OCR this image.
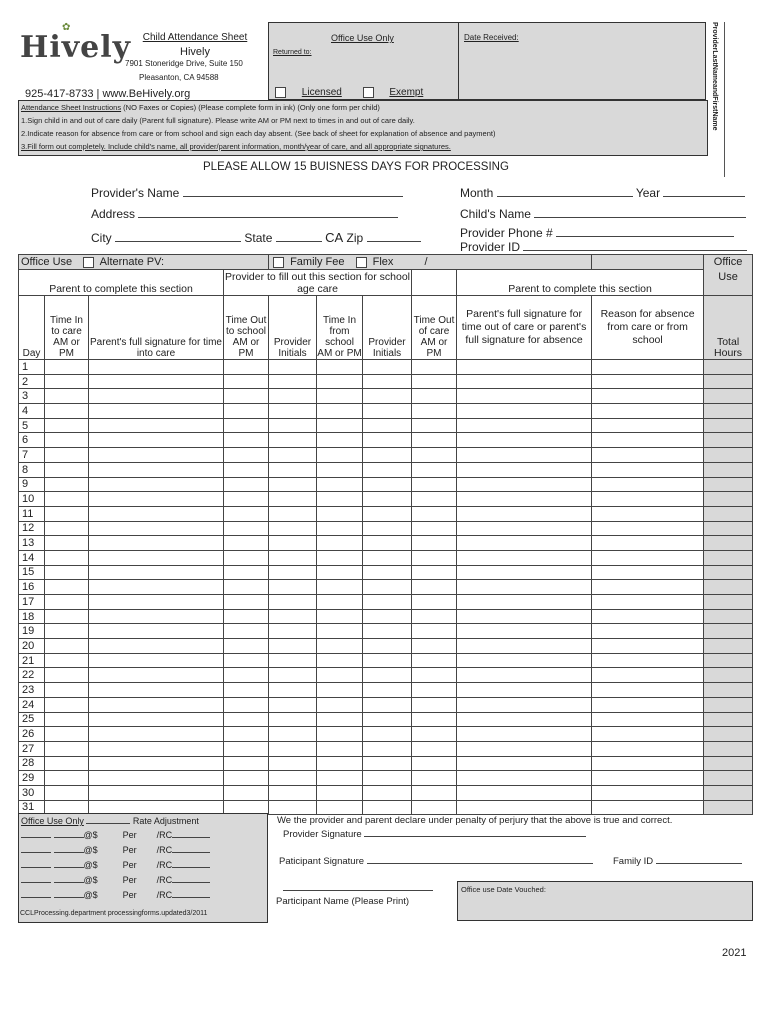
Hively
✿
Child Attendance Sheet
Hively
7901 Stoneridge Drive, Suite 150
Pleasanton, CA 94588
925-417-8733 | www.BeHively.org
Office Use Only
Returned to:
Licensed	Exempt
Date Received:	ProviderLastNameandFirstName
Attendance Sheet Instructions (NO Faxes or Copies) (Please complete form in ink) (Only one form per child)
1.Sign child in and out of care daily (Parent full signature). Please write AM or PM next to times in and out of care daily.
2.Indicate reason for absence from care or from school and sign each day absent. (See back of sheet for explanation of absence and payment)
3.Fill form out completely. Include child's name, all provider/parent information, month/year of care, and all appropriate signatures.
PLEASE ALLOW 15 BUISNESS DAYS FOR PROCESSING
Provider's Name
Address
City	State	CA Zip
Month	Year
Child's Name
Provider Phone #
Provider ID
Office Use Alternate PV:				Family Fee Flex /						Office Use
Parent to complete this section			Provider to fill out this section for school age care					Parent to complete this section		
Day	Time In to care AM or PM	Parent's full signature for time into care	Time Out to school AM or PM	Provider Initials	Time In from school AM or PM	Provider Initials	Time Out of care AM or PM	Parent's full signature for time out of care or parent's full signature for absence	Reason for absence from care or from school	Total Hours
1										
2										
3										
4										
5										
6										
7										
8										
9										
10										
11										
12										
13										
14										
15										
16										
17										
18										
19										
20										
21										
22										
23										
24										
25										
26										
27										
28										
29										
30										
31										
Office Use Only	Rate Adjustment
@$          Per        /RC
@$          Per        /RC
@$          Per        /RC
@$          Per        /RC
@$          Per        /RC
CCLProcessing.department processingforms.updated3/2011
We the provider and parent declare under penalty of perjury that the above is true and correct.
Provider Signature
Paticipant Signature	Family ID
Participant Name (Please Print)
Office use Date Vouched:
2021
